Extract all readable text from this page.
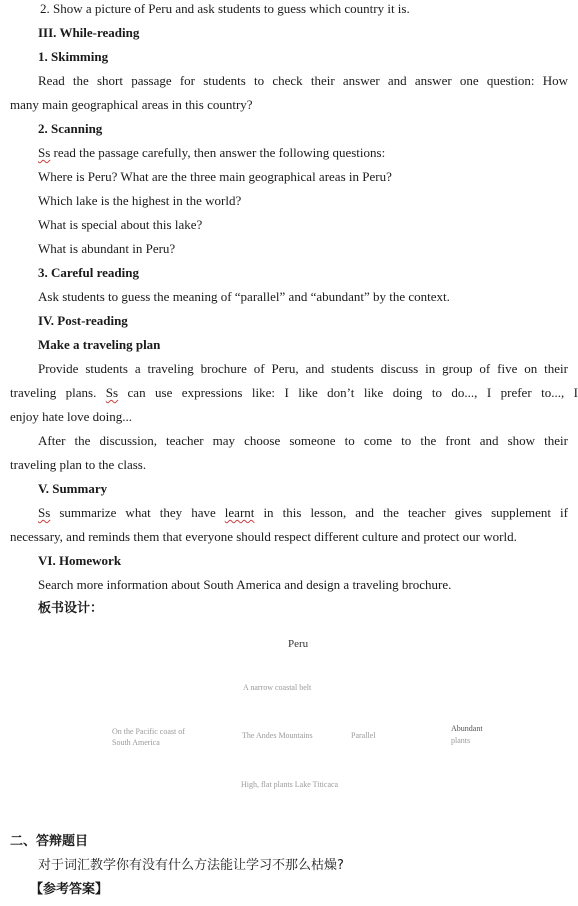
2. Show a picture of Peru and ask students to guess which country it is.
III. While-reading
1. Skimming
Read the short passage for students to check their answer and answer one question: How
many main geographical areas in this country?
2. Scanning
Ss read the passage carefully, then answer the following questions:
Where is Peru? What are the three main geographical areas in Peru?
Which lake is the highest in the world?
What is special about this lake?
What is abundant in Peru?
3. Careful reading
Ask students to guess the meaning of “parallel” and “abundant” by the context.
IV. Post-reading
Make a traveling plan
Provide students a traveling brochure of Peru, and students discuss in group of five on their
traveling plans. Ss can use expressions like: I like don’t like doing to do..., I prefer to..., I
enjoy hate love doing...
After the discussion, teacher may choose someone to come to the front and show their
traveling plan to the class.
V. Summary
Ss summarize what they have learnt in this lesson, and the teacher gives supplement if
necessary, and reminds them that everyone should respect different culture and protect our world.
VI. Homework
Search more information about South America and design a traveling brochure.
板书设计：
Peru
A narrow coastal belt
On the Pacific coast of
South America
The Andes Mountains	Parallel
Abundant
plants
High, flat plants Lake Titicaca
二、答辩题目
对于词汇教学你有没有什么方法能让学习不那么枯燥?
【参考答案】
